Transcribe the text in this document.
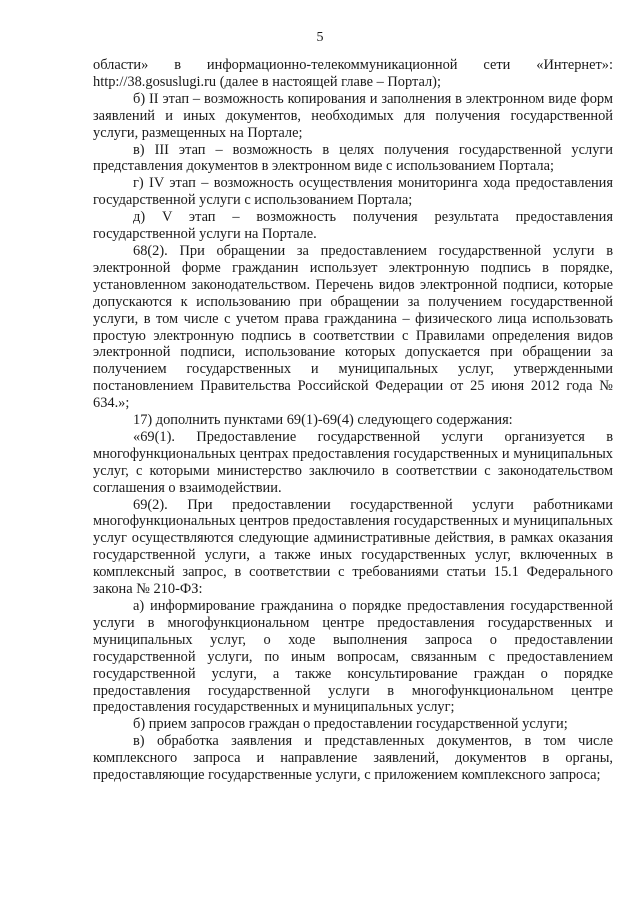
5

области» в информационно-телекоммуникационной сети «Интернет»: http://38.gosuslugi.ru (далее в настоящей главе – Портал);

б) II этап – возможность копирования и заполнения в электронном виде форм заявлений и иных документов, необходимых для получения государственной услуги, размещенных на Портале;

в) III этап – возможность в целях получения государственной услуги представления документов в электронном виде с использованием Портала;

г) IV этап – возможность осуществления мониторинга хода предоставления государственной услуги с использованием Портала;

д) V этап – возможность получения результата предоставления государственной услуги на Портале.

68(2). При обращении за предоставлением государственной услуги в электронной форме гражданин использует электронную подпись в порядке, установленном законодательством. Перечень видов электронной подписи, которые допускаются к использованию при обращении за получением государственной услуги, в том числе с учетом права гражданина – физического лица использовать простую электронную подпись в соответствии с Правилами определения видов электронной подписи, использование которых допускается при обращении за получением государственных и муниципальных услуг, утвержденными постановлением Правительства Российской Федерации от 25 июня 2012 года № 634.»;

17) дополнить пунктами 69(1)-69(4) следующего содержания:

«69(1). Предоставление государственной услуги организуется в многофункциональных центрах предоставления государственных и муниципальных услуг, с которыми министерство заключило в соответствии с законодательством соглашения о взаимодействии.

69(2). При предоставлении государственной услуги работниками многофункциональных центров предоставления государственных и муниципальных услуг осуществляются следующие административные действия, в рамках оказания государственной услуги, а также иных государственных услуг, включенных в комплексный запрос, в соответствии с требованиями статьи 15.1 Федерального закона № 210-ФЗ:

а) информирование гражданина о порядке предоставления государственной услуги в многофункциональном центре предоставления государственных и муниципальных услуг, о ходе выполнения запроса о предоставлении государственной услуги, по иным вопросам, связанным с предоставлением государственной услуги, а также консультирование граждан о порядке предоставления государственной услуги в многофункциональном центре предоставления государственных и муниципальных услуг;

б) прием запросов граждан о предоставлении государственной услуги;

в) обработка заявления и представленных документов, в том числе комплексного запроса и направление заявлений, документов в органы, предоставляющие государственные услуги, с приложением комплексного запроса;
